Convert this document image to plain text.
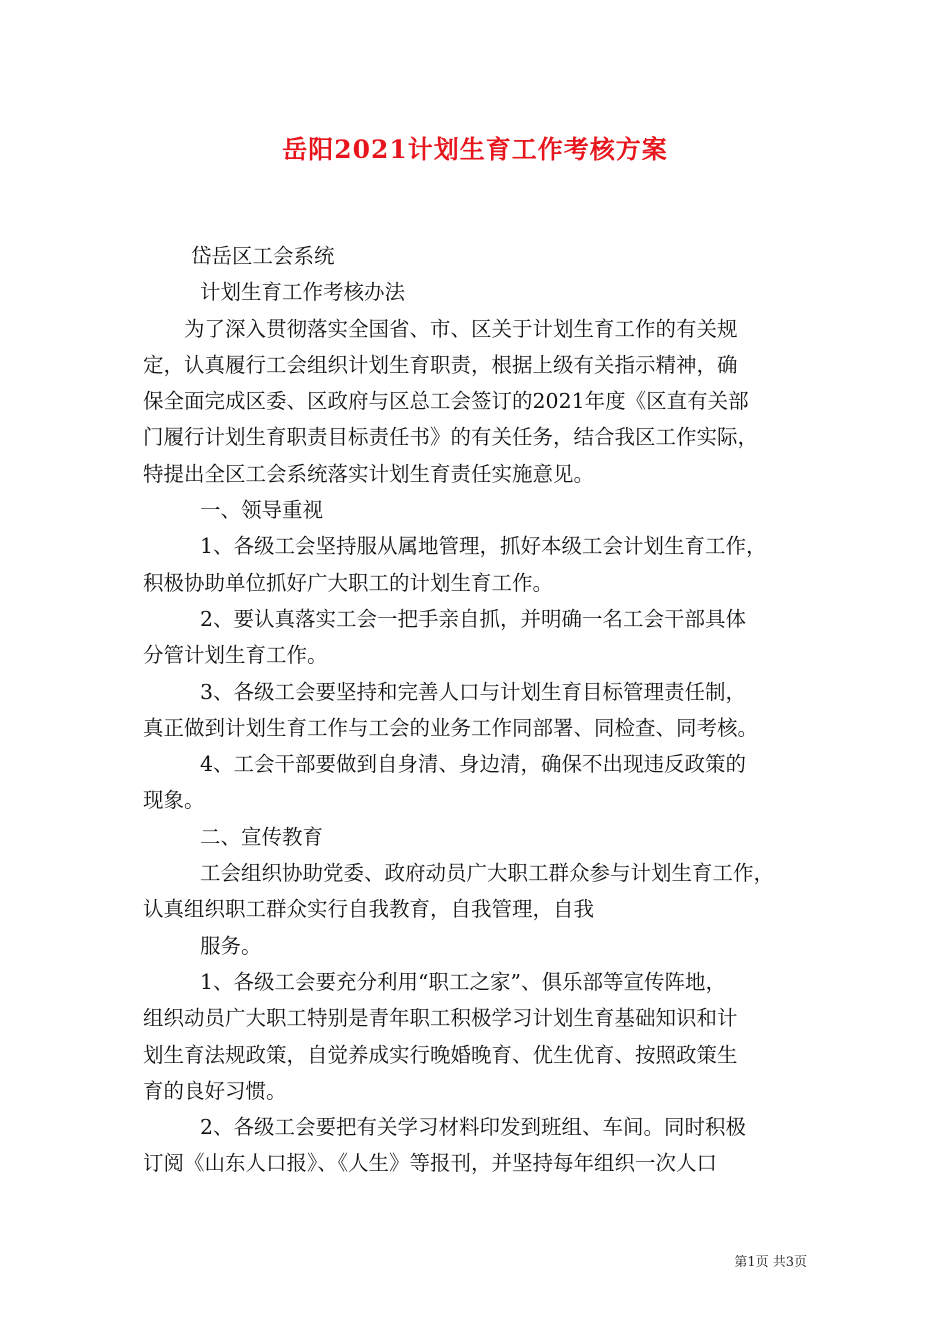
岳阳2021计划生育工作考核方案
岱岳区工会系统
计划生育工作考核办法
为了深入贯彻落实全国省、市、区关于计划生育工作的有关规
定，认真履行工会组织计划生育职责，根据上级有关指示精神，确
保全面完成区委、区政府与区总工会签订的2021年度《区直有关部
门履行计划生育职责目标责任书》的有关任务，结合我区工作实际，
特提出全区工会系统落实计划生育责任实施意见。
一、领导重视
1、各级工会坚持服从属地管理，抓好本级工会计划生育工作，
积极协助单位抓好广大职工的计划生育工作。
2、要认真落实工会一把手亲自抓，并明确一名工会干部具体
分管计划生育工作。
3、各级工会要坚持和完善人口与计划生育目标管理责任制，
真正做到计划生育工作与工会的业务工作同部署、同检查、同考核。
4、工会干部要做到自身清、身边清，确保不出现违反政策的
现象。
二、宣传教育
工会组织协助党委、政府动员广大职工群众参与计划生育工作，
认真组织职工群众实行自我教育，自我管理，自我
服务。
1、各级工会要充分利用“职工之家”、俱乐部等宣传阵地，
组织动员广大职工特别是青年职工积极学习计划生育基础知识和计
划生育法规政策，自觉养成实行晚婚晚育、优生优育、按照政策生
育的良好习惯。
2、各级工会要把有关学习材料印发到班组、车间。同时积极
订阅《山东人口报》、《人生》等报刊，并坚持每年组织一次人口
第1页 共3页
